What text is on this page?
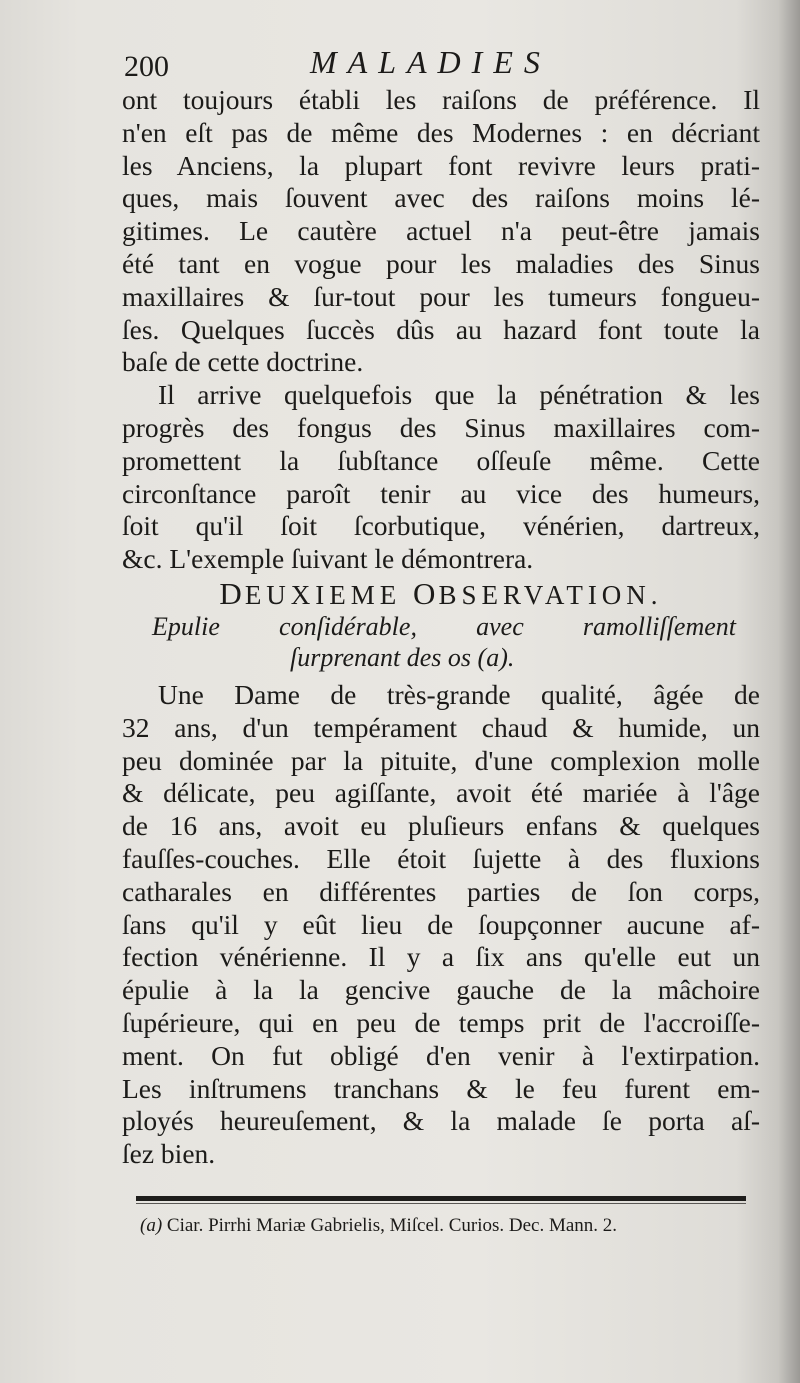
200	MALADIES
ont toujours établi les raiſons de préférence. Il
n'en eſt pas de même des Modernes : en décriant
les Anciens, la plupart font revivre leurs prati-
ques, mais ſouvent avec des raiſons moins lé-
gitimes. Le cautère actuel n'a peut-être jamais
été tant en vogue pour les maladies des Sinus
maxillaires & ſur-tout pour les tumeurs fongueu-
ſes. Quelques ſuccès dûs au hazard font toute la
baſe de cette doctrine.
Il arrive quelquefois que la pénétration & les
progrès des fongus des Sinus maxillaires com-
promettent la ſubſtance oſſeuſe même. Cette
circonſtance paroît tenir au vice des humeurs,
ſoit qu'il ſoit ſcorbutique, vénérien, dartreux,
&c. L'exemple ſuivant le démontrera.
DEUXIEME OBSERVATION.
Epulie conſidérable, avec ramolliſſement
ſurprenant des os (a).
Une Dame de très-grande qualité, âgée de
32 ans, d'un tempérament chaud & humide, un
peu dominée par la pituite, d'une complexion molle
& délicate, peu agiſſante, avoit été mariée à l'âge
de 16 ans, avoit eu pluſieurs enfans & quelques
fauſſes-couches. Elle étoit ſujette à des fluxions
catharales en différentes parties de ſon corps,
ſans qu'il y eût lieu de ſoupçonner aucune af-
fection vénérienne. Il y a ſix ans qu'elle eut un
épulie à la la gencive gauche de la mâchoire
ſupérieure, qui en peu de temps prit de l'accroiſſe-
ment. On fut obligé d'en venir à l'extirpation.
Les inſtrumens tranchans & le feu furent em-
ployés heureuſement, & la malade ſe porta aſ-
ſez bien.
(a) Ciar. Pirrhi Mariæ Gabrielis, Miſcel. Curios. Dec. Mann. 2.
